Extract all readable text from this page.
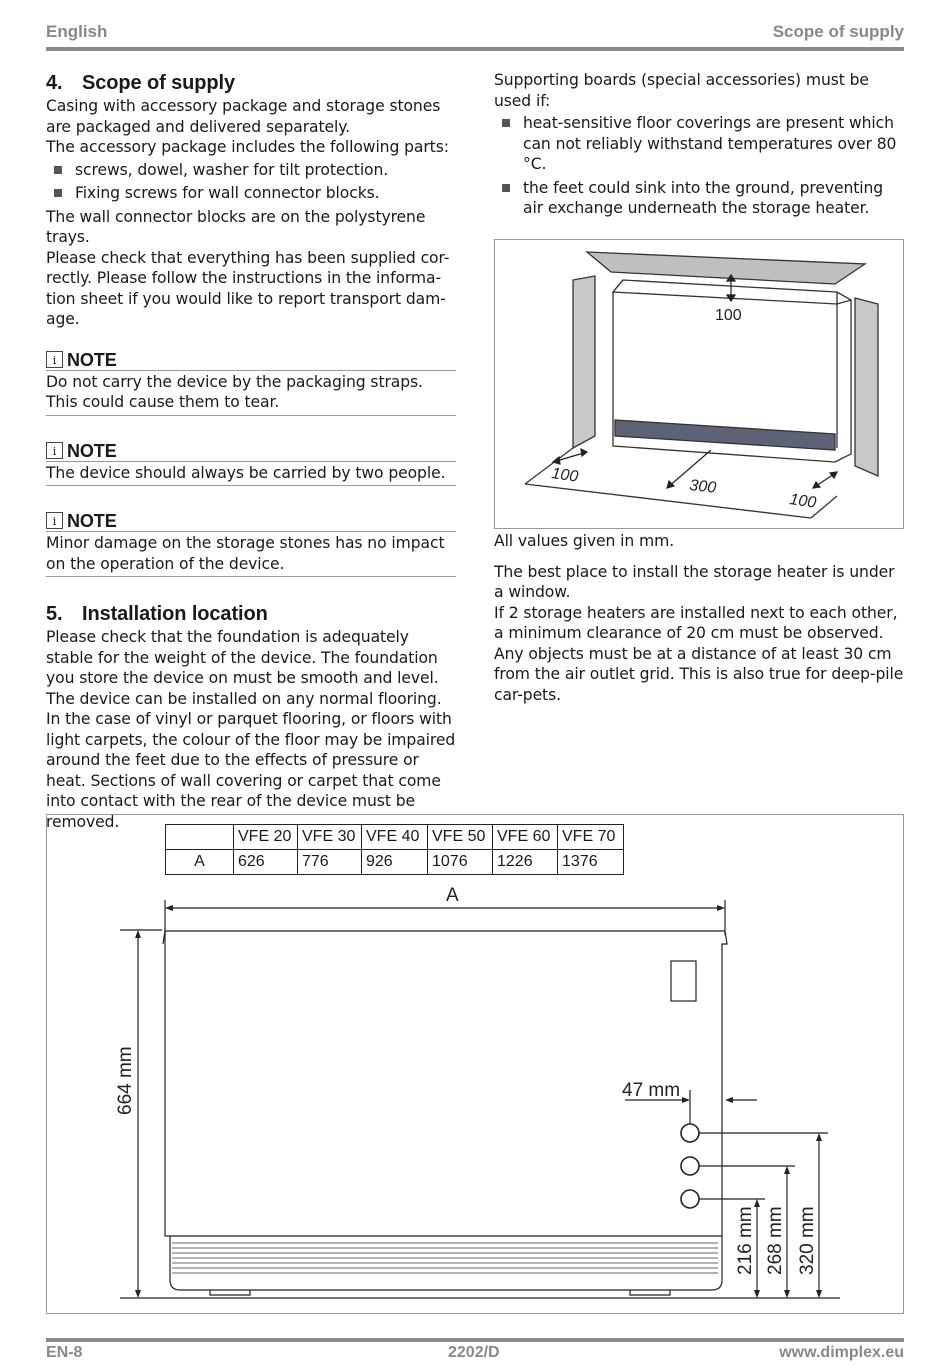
English	Scope of supply
4. Scope of supply

Casing with accessory package and storage stones are packaged and delivered separately.

The accessory package includes the following parts:

screws, dowel, washer for tilt protection.
Fixing screws for wall connector blocks.

The wall connector blocks are on the polystyrene trays.

Please check that everything has been supplied cor-rectly. Please follow the instructions in the informa-tion sheet if you would like to report transport dam-age.

i NOTE
Do not carry the device by the packaging straps. This could cause them to tear.
i NOTE
The device should always be carried by two people.
i NOTE
Minor damage on the storage stones has no impact on the operation of the device.
5. Installation location

Please check that the foundation is adequately stable for the weight of the device. The foundation you store the device on must be smooth and level.

The device can be installed on any normal flooring. In the case of vinyl or parquet flooring, or floors with light carpets, the colour of the floor may be impaired around the feet due to the effects of pressure or heat. Sections of wall covering or carpet that come into contact with the rear of the device must be removed.

Supporting boards (special accessories) must be used if:

heat-sensitive floor coverings are present which can not reliably withstand temperatures over 80 °C.
the feet could sink into the ground, preventing air exchange underneath the storage heater.
100
100
300
100

All values given in mm.

The best place to install the storage heater is under a window.

If 2 storage heaters are installed next to each other, a minimum clearance of 20 cm must be observed. Any objects must be at a distance of at least 30 cm from the air outlet grid. This is also true for deep-pile car-pets.

	VFE 20	VFE 30	VFE 40	VFE 50	VFE 60	VFE 70
A	626	776	926	1076	1226	1376
A
664 mm	47 mm
216 mm 268 mm 320 mm
EN-8	2202/D	www.dimplex.eu
